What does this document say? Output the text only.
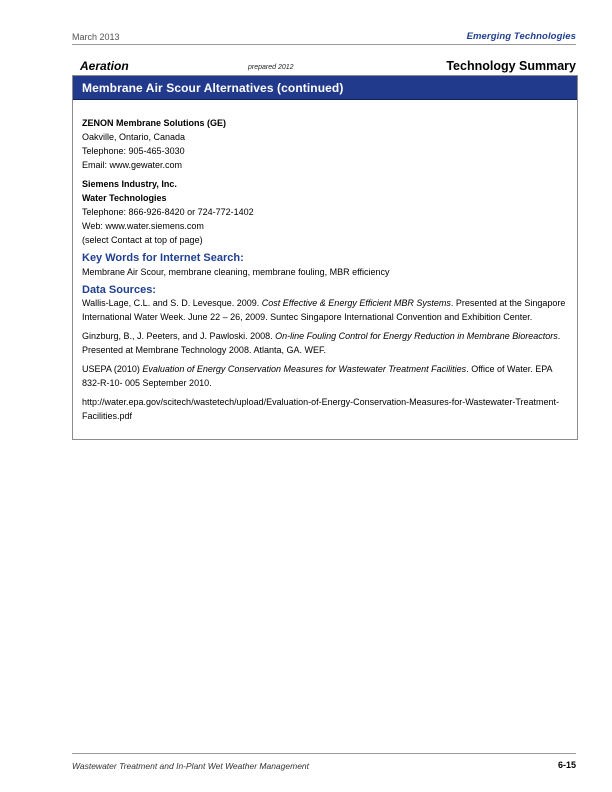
March 2013	Emerging Technologies
Aeration	prepared 2012	Technology Summary
Membrane Air Scour Alternatives (continued)

ZENON Membrane Solutions (GE)

Oakville, Ontario, Canada

Telephone: 905-465-3030

Email: www.gewater.com

Siemens Industry, Inc.

Water Technologies

Telephone: 866-926-8420 or 724-772-1402

Web: www.water.siemens.com

(select Contact at top of page)

Key Words for Internet Search:

Membrane Air Scour, membrane cleaning, membrane fouling, MBR efficiency

Data Sources:

Wallis-Lage, C.L. and S. D. Levesque. 2009. Cost Effective & Energy Efficient MBR Systems. Presented at the Singapore International Water Week. June 22 – 26, 2009. Suntec Singapore International Convention and Exhibition Center.

Ginzburg, B., J. Peeters, and J. Pawloski. 2008. On-line Fouling Control for Energy Reduction in Membrane Bioreactors. Presented at Membrane Technology 2008. Atlanta, GA. WEF.

USEPA (2010) Evaluation of Energy Conservation Measures for Wastewater Treatment Facilities. Office of Water. EPA 832-R-10- 005 September 2010.

http://water.epa.gov/scitech/wastetech/upload/Evaluation-of-Energy-Conservation-Measures-for-Wastewater-Treatment-Facilities.pdf

Wastewater Treatment and In-Plant Wet Weather Management	6-15
